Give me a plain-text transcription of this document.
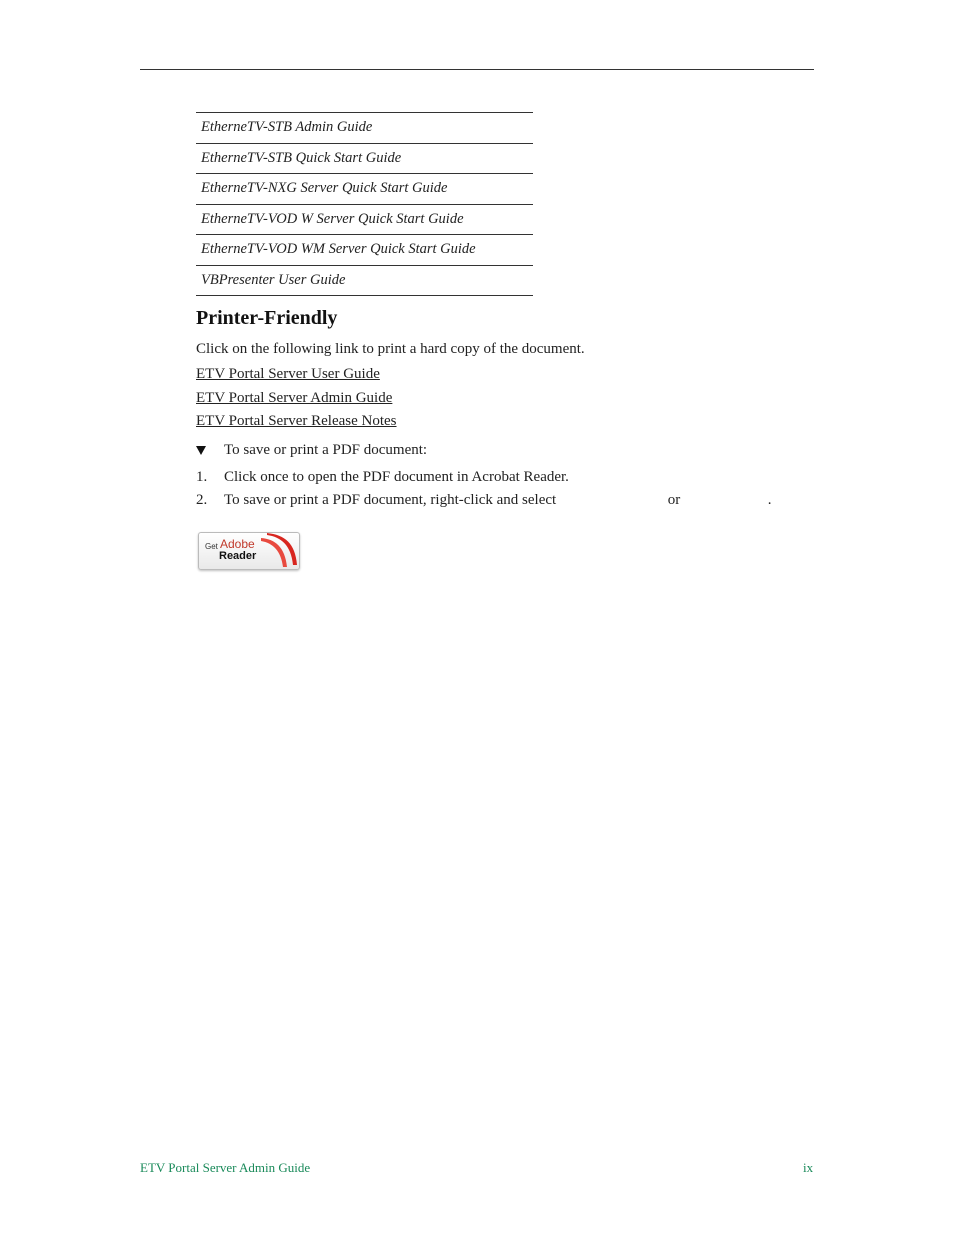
EtherneTV-STB Admin Guide
EtherneTV-STB Quick Start Guide
EtherneTV-NXG Server Quick Start Guide
EtherneTV-VOD W Server Quick Start Guide
EtherneTV-VOD WM Server Quick Start Guide
VBPresenter User Guide
Printer-Friendly
Click on the following link to print a hard copy of the document.
ETV Portal Server User Guide
ETV Portal Server Admin Guide
ETV Portal Server Release Notes
To save or print a PDF document:
1.	Click once to open the PDF document in Acrobat Reader.
2.	To save or print a PDF document, right-click and select	or	.
Get Adobe
Reader
ETV Portal Server Admin Guide	ix
